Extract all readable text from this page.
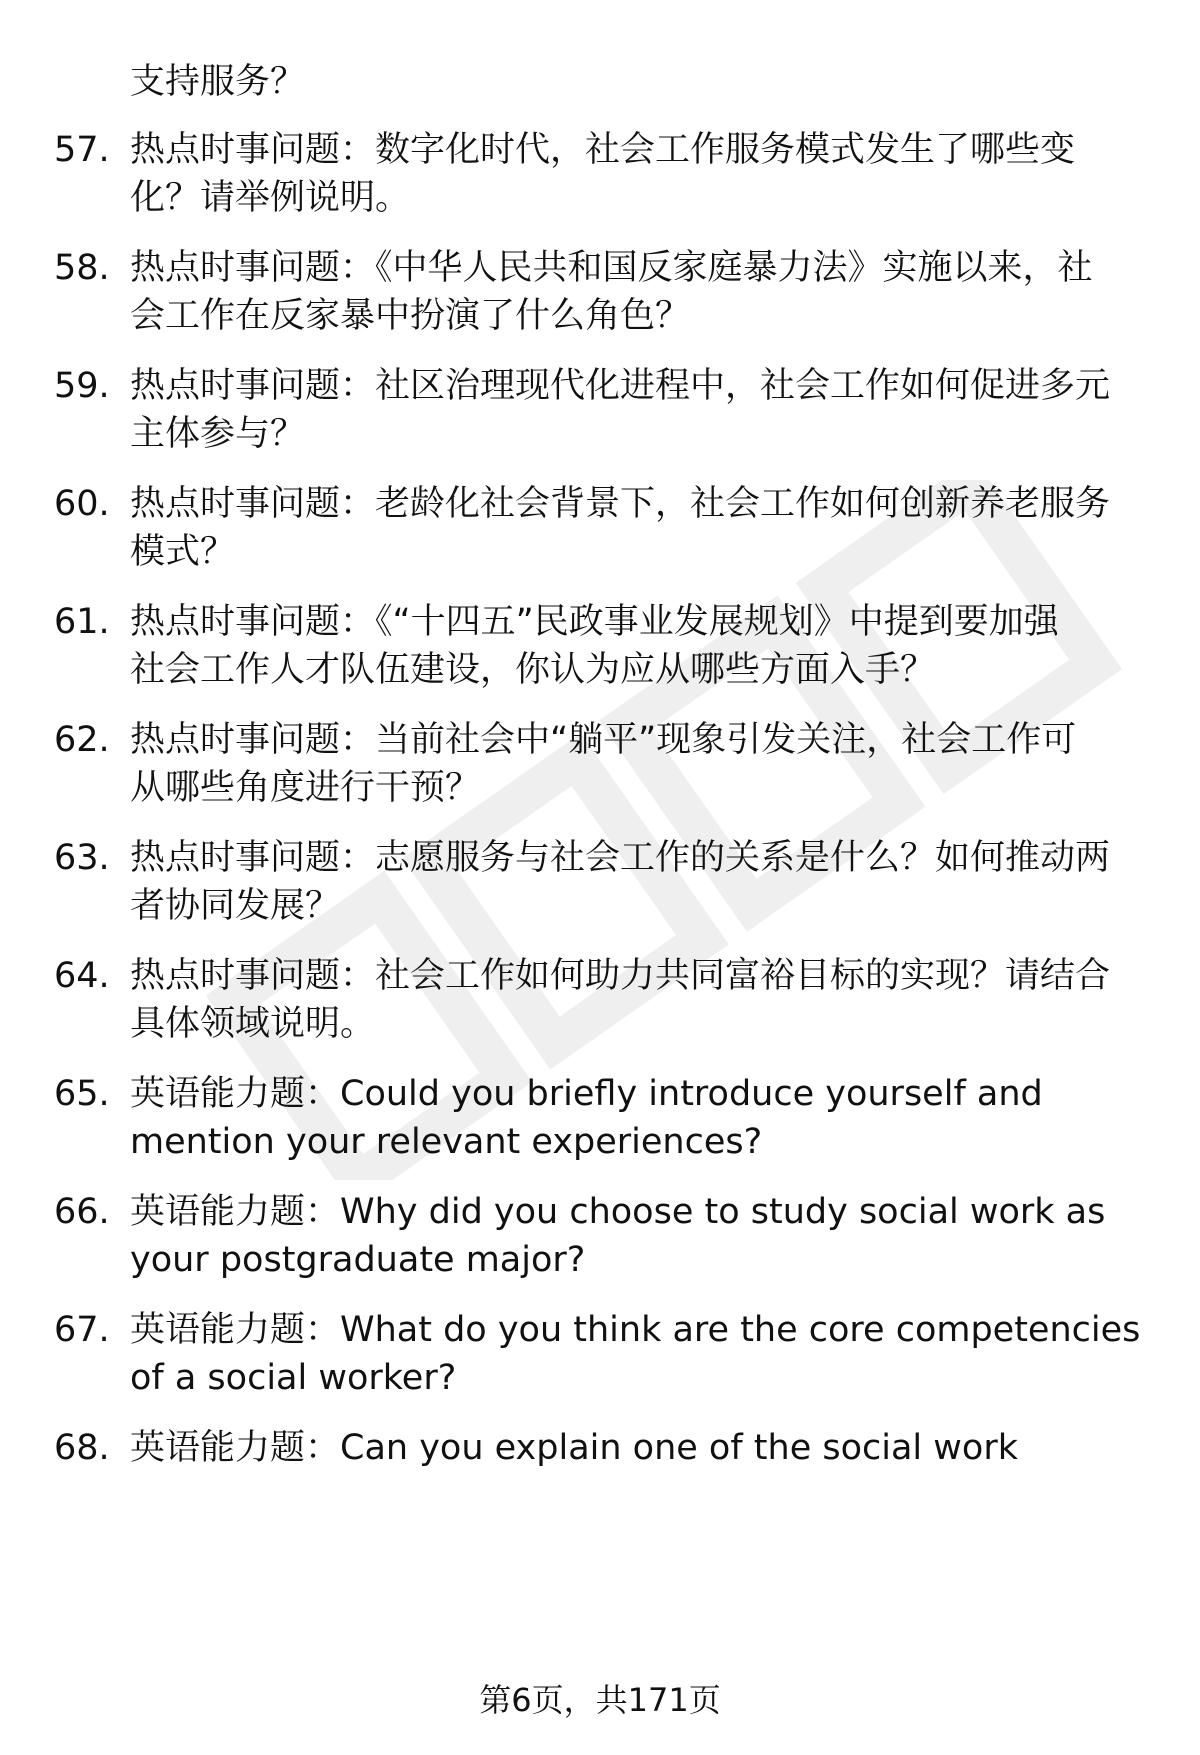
支持服务？
57. 热点时事问题：数字化时代，社会工作服务模式发生了哪些变
化？请举例说明。
58. 热点时事问题：《中华人民共和国反家庭暴力法》实施以来，社
会工作在反家暴中扮演了什么角色？
59. 热点时事问题：社区治理现代化进程中，社会工作如何促进多元
主体参与？
60. 热点时事问题：老龄化社会背景下，社会工作如何创新养老服务
模式？
61. 热点时事问题：《“十四五”民政事业发展规划》中提到要加强
社会工作人才队伍建设，你认为应从哪些方面入手？
62. 热点时事问题：当前社会中“躺平”现象引发关注，社会工作可
从哪些角度进行干预？
63. 热点时事问题：志愿服务与社会工作的关系是什么？如何推动两
者协同发展？
64. 热点时事问题：社会工作如何助力共同富裕目标的实现？请结合
具体领域说明。
65. 英语能力题：Could you briefly introduce yourself and
mention your relevant experiences?
66. 英语能力题：Why did you choose to study social work as
your postgraduate major?
67. 英语能力题：What do you think are the core competencies
of a social worker?
68. 英语能力题：Can you explain one of the social work
第6页，共171页
